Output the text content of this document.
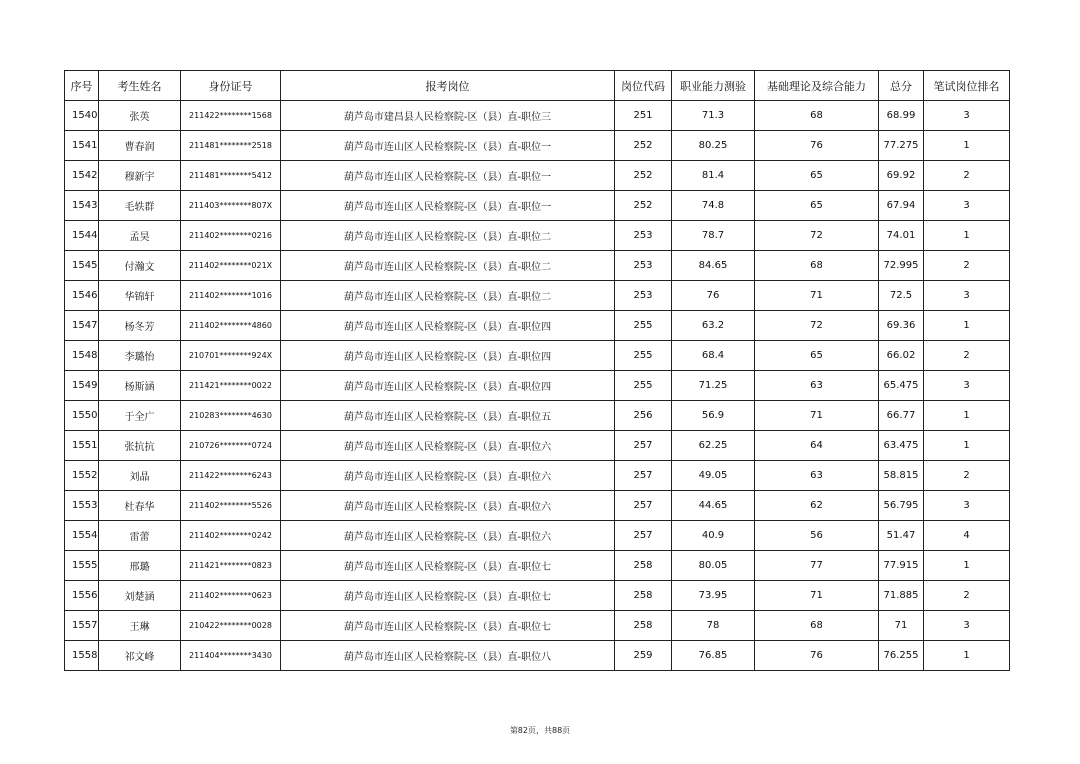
序号	考生姓名	身份证号	报考岗位	岗位代码	职业能力测验	基础理论及综合能力	总分	笔试岗位排名
1540	张英	211422********1568	葫芦岛市建昌县人民检察院-区（县）直-职位三	251	71.3	68	68.99	3
1541	曹春润	211481********2518	葫芦岛市连山区人民检察院-区（县）直-职位一	252	80.25	76	77.275	1
1542	穆新宇	211481********5412	葫芦岛市连山区人民检察院-区（县）直-职位一	252	81.4	65	69.92	2
1543	毛轶群	211403********807X	葫芦岛市连山区人民检察院-区（县）直-职位一	252	74.8	65	67.94	3
1544	孟昊	211402********0216	葫芦岛市连山区人民检察院-区（县）直-职位二	253	78.7	72	74.01	1
1545	付瀚文	211402********021X	葫芦岛市连山区人民检察院-区（县）直-职位二	253	84.65	68	72.995	2
1546	华锦轩	211402********1016	葫芦岛市连山区人民检察院-区（县）直-职位二	253	76	71	72.5	3
1547	杨冬芳	211402********4860	葫芦岛市连山区人民检察院-区（县）直-职位四	255	63.2	72	69.36	1
1548	李璐怡	210701********924X	葫芦岛市连山区人民检察院-区（县）直-职位四	255	68.4	65	66.02	2
1549	杨斯涵	211421********0022	葫芦岛市连山区人民检察院-区（县）直-职位四	255	71.25	63	65.475	3
1550	于全广	210283********4630	葫芦岛市连山区人民检察院-区（县）直-职位五	256	56.9	71	66.77	1
1551	张抗抗	210726********0724	葫芦岛市连山区人民检察院-区（县）直-职位六	257	62.25	64	63.475	1
1552	刘晶	211422********6243	葫芦岛市连山区人民检察院-区（县）直-职位六	257	49.05	63	58.815	2
1553	杜春华	211402********5526	葫芦岛市连山区人民检察院-区（县）直-职位六	257	44.65	62	56.795	3
1554	雷蕾	211402********0242	葫芦岛市连山区人民检察院-区（县）直-职位六	257	40.9	56	51.47	4
1555	邢璐	211421********0823	葫芦岛市连山区人民检察院-区（县）直-职位七	258	80.05	77	77.915	1
1556	刘楚涵	211402********0623	葫芦岛市连山区人民检察院-区（县）直-职位七	258	73.95	71	71.885	2
1557	王琳	210422********0028	葫芦岛市连山区人民检察院-区（县）直-职位七	258	78	68	71	3
1558	祁文峰	211404********3430	葫芦岛市连山区人民检察院-区（县）直-职位八	259	76.85	76	76.255	1
第82页，共88页
